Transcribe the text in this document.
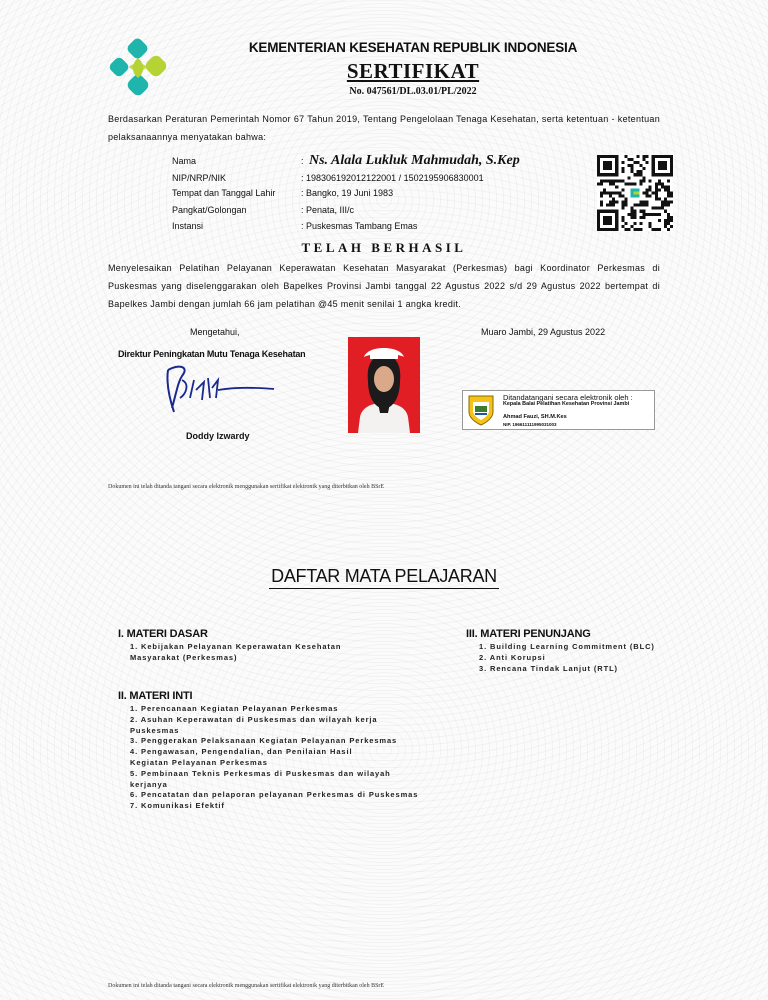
KEMENTERIAN KESEHATAN REPUBLIK INDONESIA
SERTIFIKAT
No. 047561/DL.03.01/PL/2022
Berdasarkan Peraturan Pemerintah Nomor 67 Tahun 2019, Tentang Pengelolaan Tenaga Kesehatan, serta ketentuan - ketentuan pelaksanaannya menyatakan bahwa:
Nama	: Ns. Alala Lukluk Mahmudah, S.Kep
NIP/NRP/NIK	: 198306192012122001 / 1502195906830001
Tempat dan Tanggal Lahir	: Bangko, 19 Juni 1983
Pangkat/Golongan	: Penata, III/c
Instansi	: Puskesmas Tambang Emas
TELAH BERHASIL
Menyelesaikan Pelatihan Pelayanan Keperawatan Kesehatan Masyarakat (Perkesmas) bagi Koordinator Perkesmas di Puskesmas yang diselenggarakan oleh Bapelkes Provinsi Jambi tanggal 22 Agustus 2022 s/d 29 Agustus 2022 bertempat di Bapelkes Jambi dengan jumlah 66 jam pelatihan @45 menit senilai 1 angka kredit.
Mengetahui,	Muaro Jambi, 29 Agustus 2022
Direktur Peningkatan Mutu Tenaga Kesehatan
Doddy Izwardy
Ditandatangani secara elektronik oleh :
Kepala Balai Pelatihan Kesehatan Provinsi Jambi
Ahmad Fauzi, SH.M.Kes
NIP. 196611111995031003
Dokumen ini telah ditanda tangani secara elektronik menggunakan sertifikat elektronik yang diterbitkan oleh BSrE
DAFTAR MATA PELAJARAN
I. MATERI DASAR
1. Kebijakan Pelayanan Keperawatan Kesehatan Masyarakat (Perkesmas)
II. MATERI INTI
1. Perencanaan Kegiatan Pelayanan Perkesmas
2. Asuhan Keperawatan di Puskesmas dan wilayah kerja Puskesmas
3. Penggerakan Pelaksanaan Kegiatan Pelayanan Perkesmas
4. Pengawasan, Pengendalian, dan Penilaian Hasil Kegiatan Pelayanan Perkesmas
5. Pembinaan Teknis Perkesmas di Puskesmas dan wilayah kerjanya
6. Pencatatan dan pelaporan pelayanan Perkesmas di Puskesmas
7. Komunikasi Efektif
III. MATERI PENUNJANG
1. Building Learning Commitment (BLC)
2. Anti Korupsi
3. Rencana Tindak Lanjut (RTL)
Dokumen ini telah ditanda tangani secara elektronik menggunakan sertifikat elektronik yang diterbitkan oleh BSrE
